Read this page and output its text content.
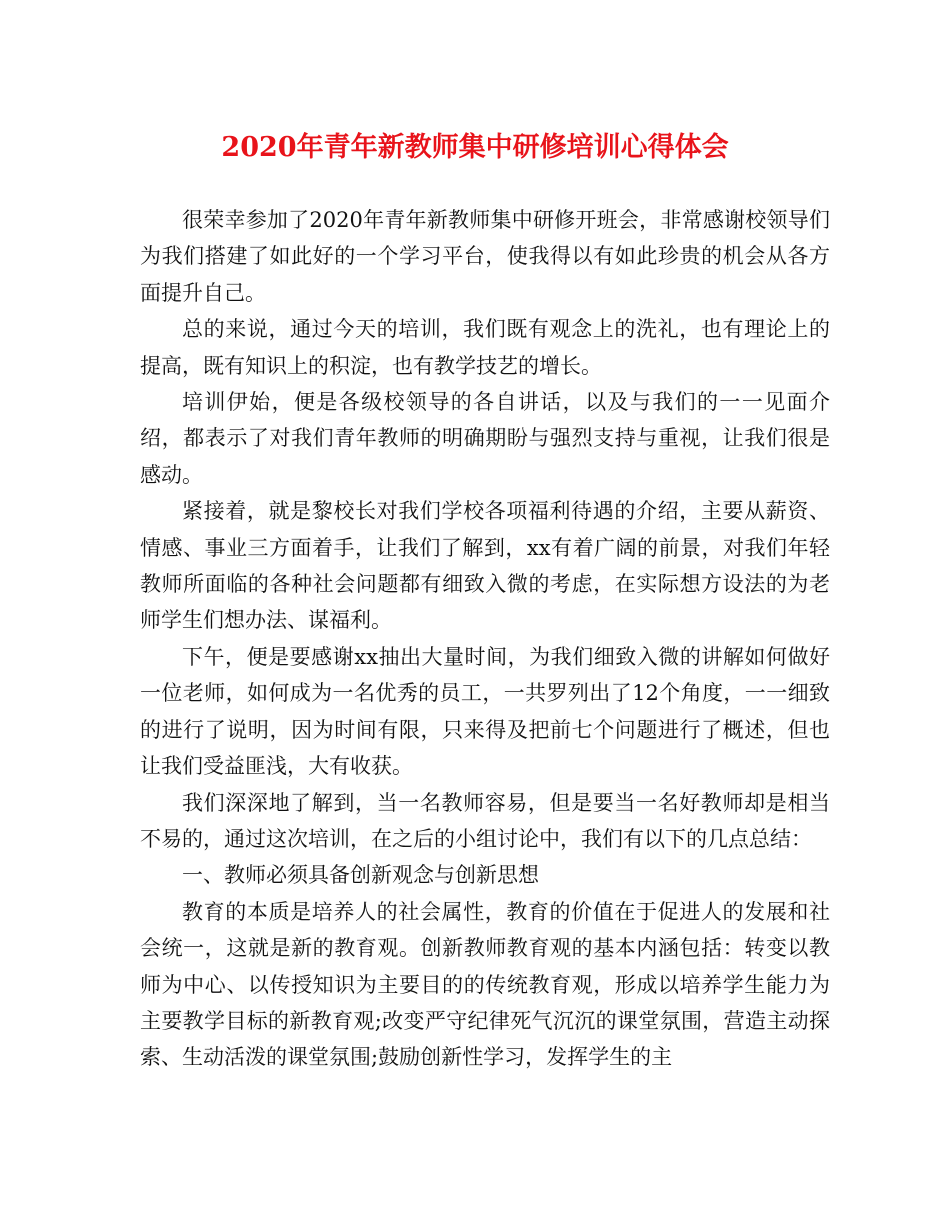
2020年青年新教师集中研修培训心得体会

很荣幸参加了2020年青年新教师集中研修开班会，非常感谢校领导们为我们搭建了如此好的一个学习平台，使我得以有如此珍贵的机会从各方面提升自己。

总的来说，通过今天的培训，我们既有观念上的洗礼，也有理论上的提高，既有知识上的积淀，也有教学技艺的增长。

培训伊始，便是各级校领导的各自讲话，以及与我们的一一见面介绍，都表示了对我们青年教师的明确期盼与强烈支持与重视，让我们很是感动。

紧接着，就是黎校长对我们学校各项福利待遇的介绍，主要从薪资、情感、事业三方面着手，让我们了解到，xx有着广阔的前景，对我们年轻教师所面临的各种社会问题都有细致入微的考虑，在实际想方设法的为老师学生们想办法、谋福利。

下午，便是要感谢xx抽出大量时间，为我们细致入微的讲解如何做好一位老师，如何成为一名优秀的员工，一共罗列出了12个角度，一一细致的进行了说明，因为时间有限，只来得及把前七个问题进行了概述，但也让我们受益匪浅，大有收获。

我们深深地了解到，当一名教师容易，但是要当一名好教师却是相当不易的，通过这次培训，在之后的小组讨论中，我们有以下的几点总结：

一、教师必须具备创新观念与创新思想

教育的本质是培养人的社会属性，教育的价值在于促进人的发展和社会统一，这就是新的教育观。创新教师教育观的基本内涵包括：转变以教师为中心、以传授知识为主要目的的传统教育观，形成以培养学生能力为主要教学目标的新教育观;改变严守纪律死气沉沉的课堂氛围，营造主动探索、生动活泼的课堂氛围;鼓励创新性学习，发挥学生的主
